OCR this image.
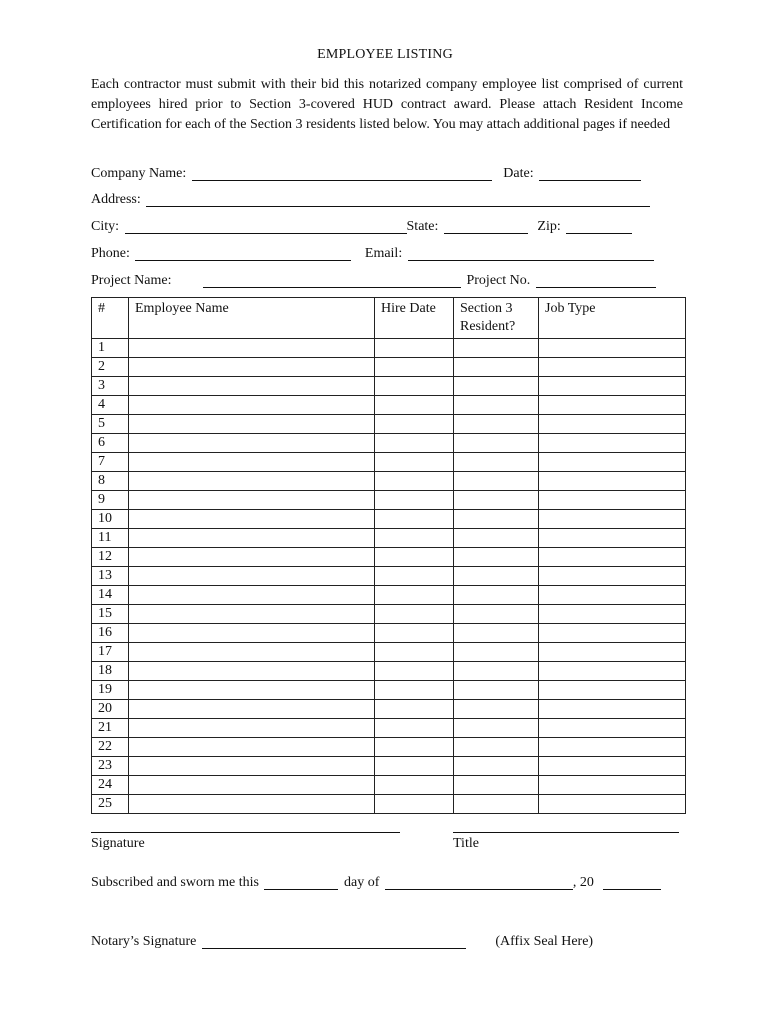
EMPLOYEE LISTING
Each contractor must submit with their bid this notarized company employee list comprised of current employees hired prior to Section 3-covered HUD contract award. Please attach Resident Income Certification for each of the Section 3 residents listed below. You may attach additional pages if needed
Company Name:	Date:
Address:
City:	State:	Zip:
Phone:	Email:
Project Name:	Project No.
#	Employee Name	Hire Date	Section 3 Resident?	Job Type
1				
2				
3				
4				
5				
6				
7				
8				
9				
10				
11				
12				
13				
14				
15				
16				
17				
18				
19				
20				
21				
22				
23				
24				
25				
Signature	Title
Subscribed and sworn me this	day of	, 20
Notary’s Signature	(Affix Seal Here)
